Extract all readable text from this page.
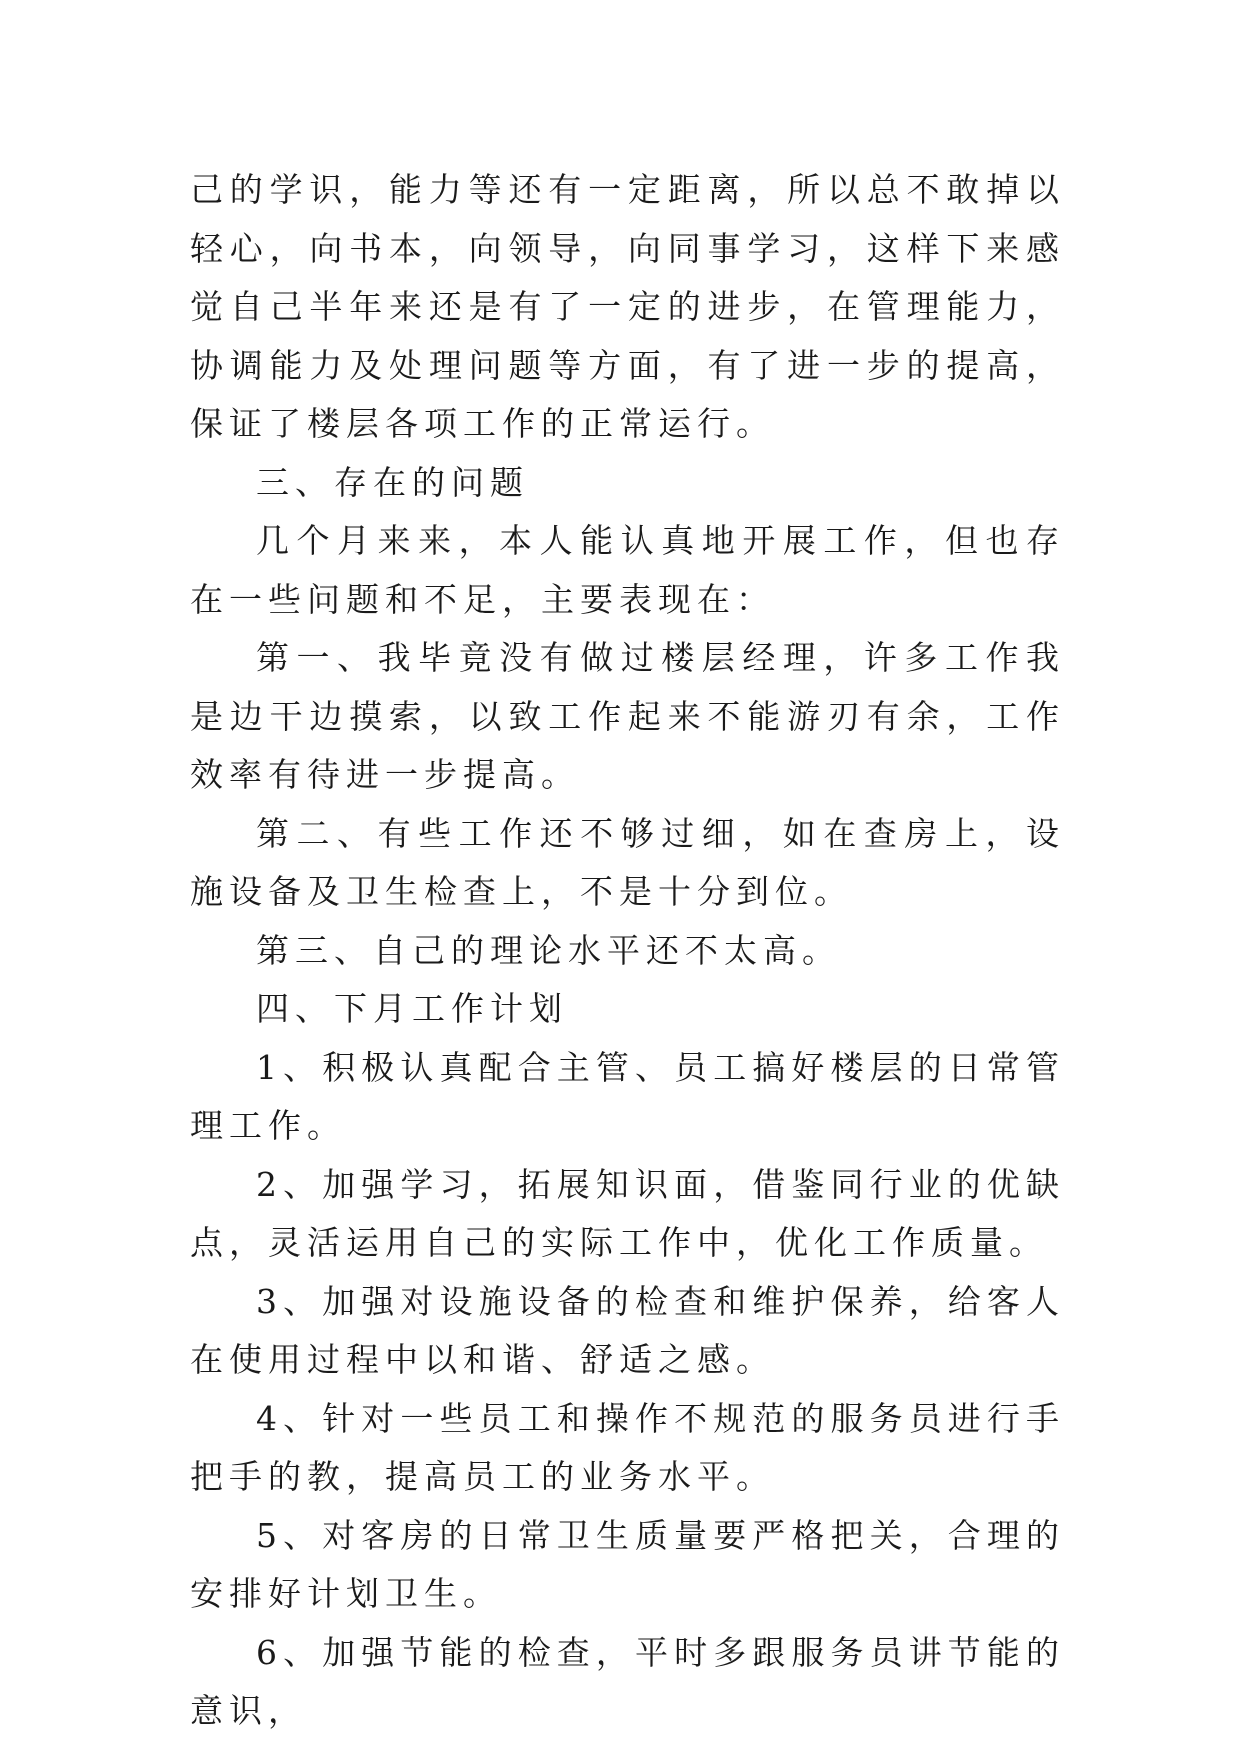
己的学识，能力等还有一定距离，所以总不敢掉以轻心，向书本，向领导，向同事学习，这样下来感觉自己半年来还是有了一定的进步，在管理能力，协调能力及处理问题等方面，有了进一步的提高，保证了楼层各项工作的正常运行。

三、存在的问题

几个月来来，本人能认真地开展工作，但也存在一些问题和不足，主要表现在：

第一、我毕竟没有做过楼层经理，许多工作我是边干边摸索，以致工作起来不能游刃有余，工作效率有待进一步提高。

第二、有些工作还不够过细，如在查房上，设施设备及卫生检查上，不是十分到位。

第三、自己的理论水平还不太高。

四、下月工作计划

1、积极认真配合主管、员工搞好楼层的日常管理工作。

2、加强学习，拓展知识面，借鉴同行业的优缺点，灵活运用自己的实际工作中，优化工作质量。

3、加强对设施设备的检查和维护保养，给客人在使用过程中以和谐、舒适之感。

4、针对一些员工和操作不规范的服务员进行手把手的教，提高员工的业务水平。

5、对客房的日常卫生质量要严格把关，合理的安排好计划卫生。

6、加强节能的检查，平时多跟服务员讲节能的意识，
